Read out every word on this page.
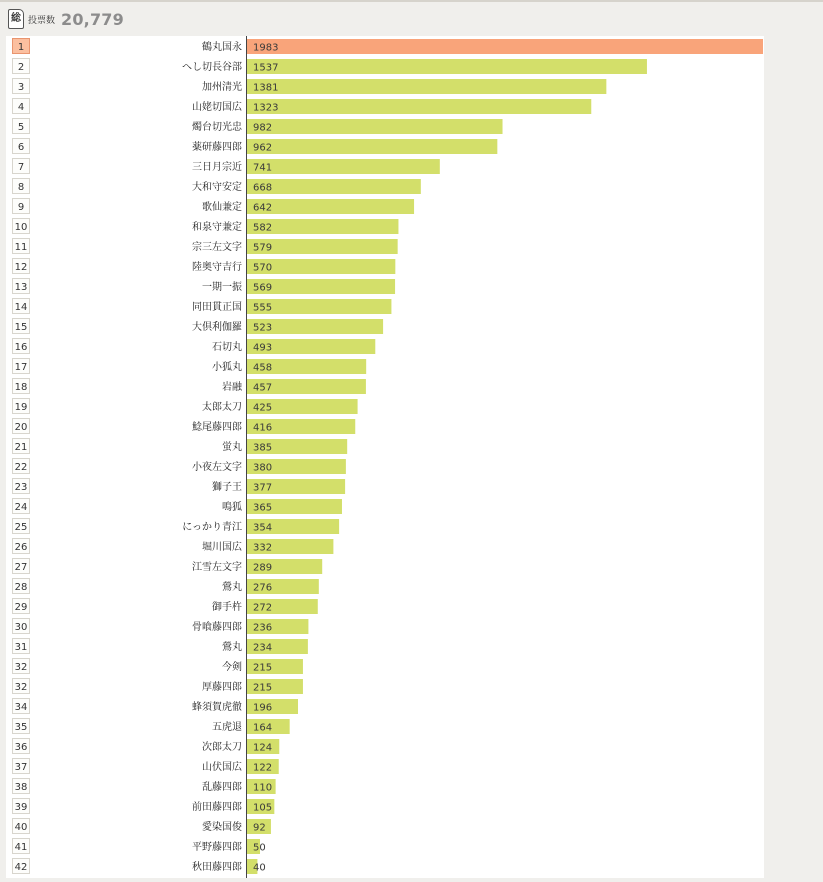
総 投票数 20,779
1	鶴丸国永 1983
2	へし切長谷部 1537
3	加州清光 1381
4	山姥切国広 1323
5	燭台切光忠 982
6	薬研藤四郎 962
7	三日月宗近 741
8	大和守安定 668
9	歌仙兼定 642
10	和泉守兼定 582
11	宗三左文字 579
12	陸奥守吉行 570
13	一期一振 569
14	同田貫正国 555
15	大倶利伽羅 523
16	石切丸 493
17	小狐丸 458
18	岩融 457
19	太郎太刀 425
20	鯰尾藤四郎 416
21	蛍丸 385
22	小夜左文字 380
23	獅子王 377
24	鳴狐 365
25	にっかり青江 354
26	堀川国広 332
27	江雪左文字 289
28	鶯丸 276
29	御手杵 272
30	骨喰藤四郎 236
31	鶯丸 234
32	今剣 215
32	厚藤四郎 215
34	蜂須賀虎徹 196
35	五虎退 164
36	次郎太刀 124
37	山伏国広 122
38	乱藤四郎 110
39	前田藤四郎 105
40	愛染国俊 92
41	平野藤四郎 50
42	秋田藤四郎 40
